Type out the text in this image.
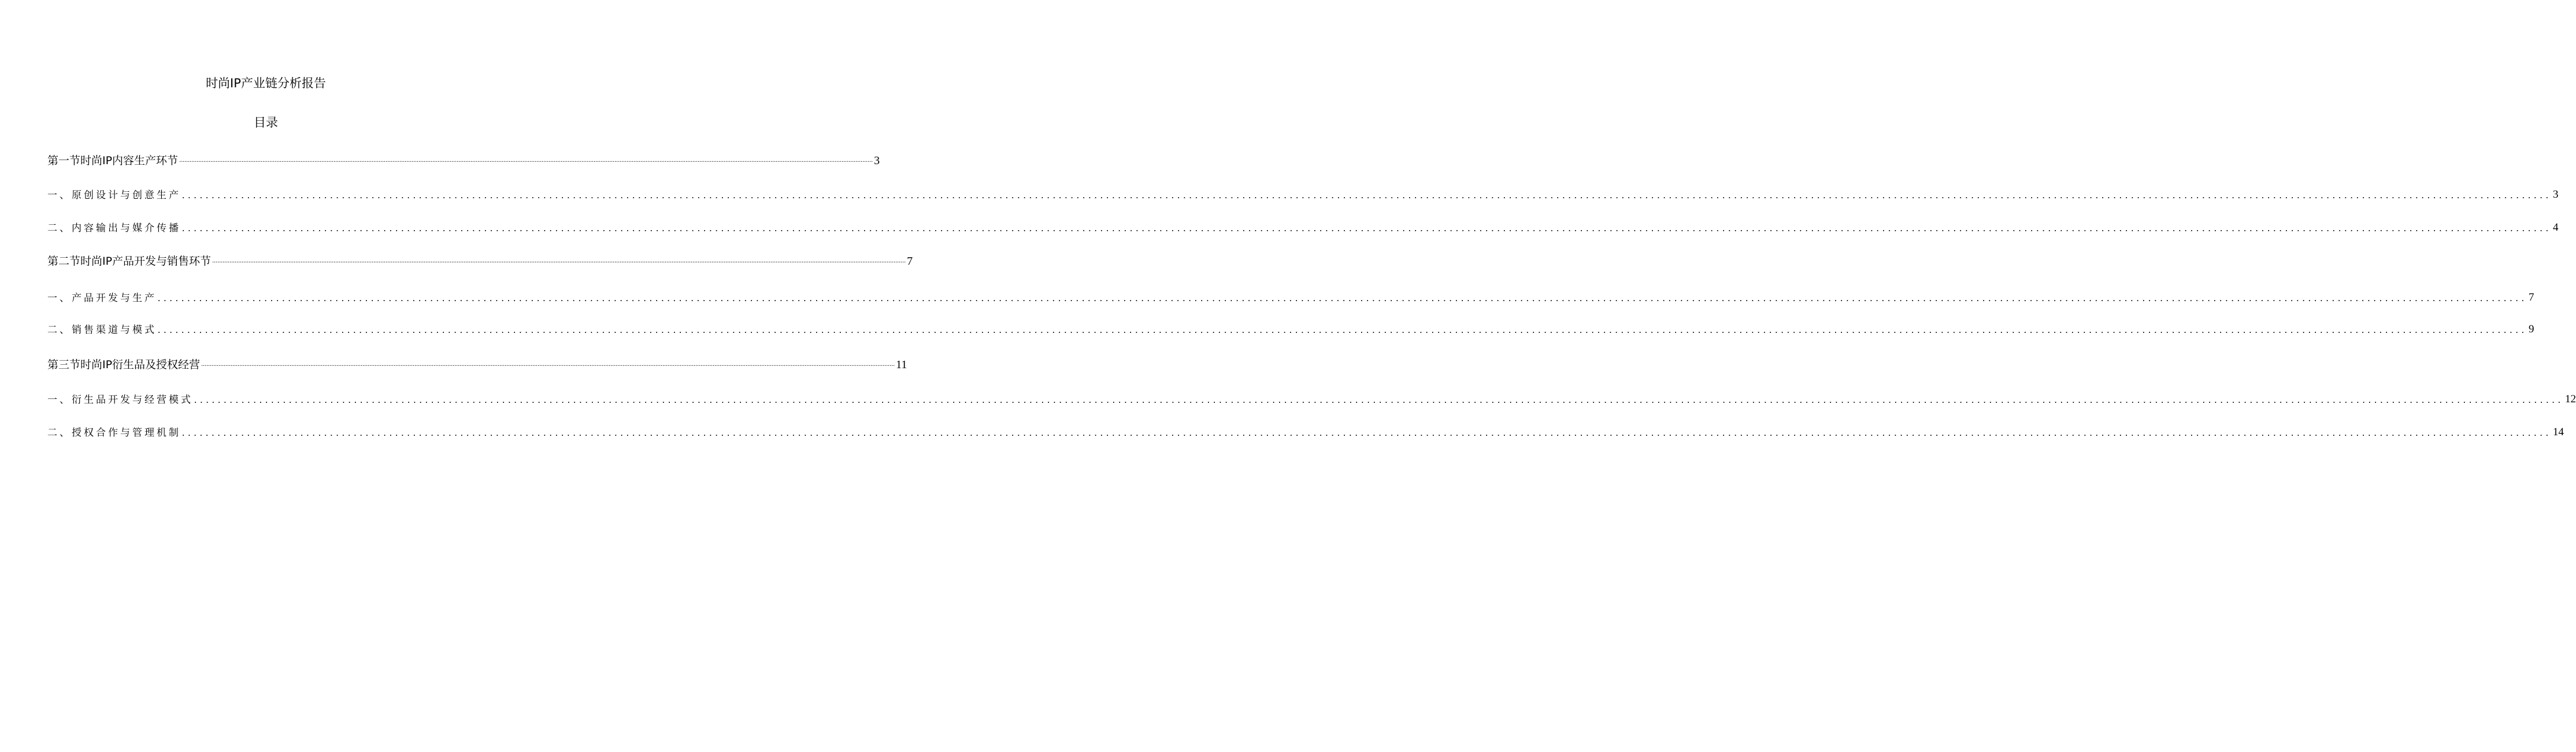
时尚IP产业链分析报告
目录
第一节时尚IP内容生产环节 ................................................................................................................................................................................................................................................................................................................................................................................................................ 3
一、原创设计与创意生产 ................................................................................................................................................................................................................................................................................................................................................................................................................ 3
二、内容输出与媒介传播 ................................................................................................................................................................................................................................................................................................................................................................................................................ 4
第二节时尚IP产品开发与销售环节 ................................................................................................................................................................................................................................................................................................................................................................................................................ 7
一、产品开发与生产 ................................................................................................................................................................................................................................................................................................................................................................................................................ 7
二、销售渠道与模式 ................................................................................................................................................................................................................................................................................................................................................................................................................ 9
第三节时尚IP衍生品及授权经营 ................................................................................................................................................................................................................................................................................................................................................................................................................ 11
一、衍生品开发与经营模式 ................................................................................................................................................................................................................................................................................................................................................................................................................ 12
二、授权合作与管理机制 ................................................................................................................................................................................................................................................................................................................................................................................................................ 14
